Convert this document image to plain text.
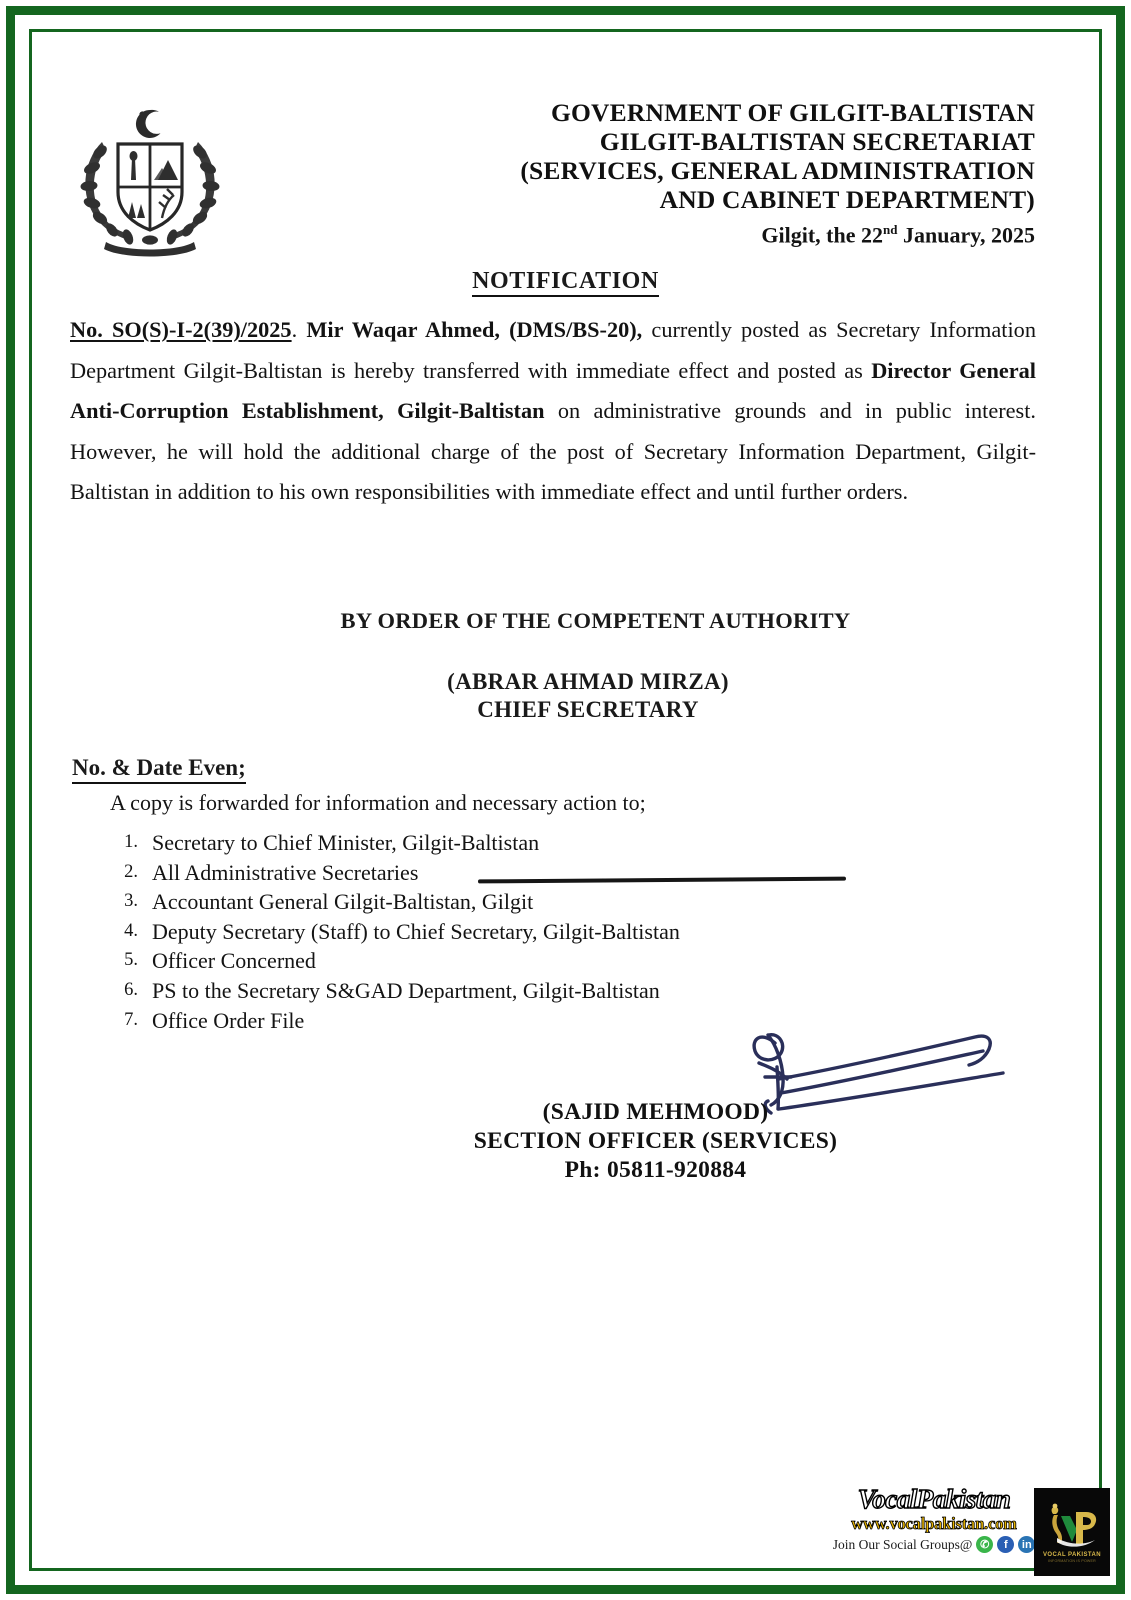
GOVERNMENT OF GILGIT-BALTISTAN
GILGIT-BALTISTAN SECRETARIAT
(SERVICES, GENERAL ADMINISTRATION
AND CABINET DEPARTMENT)
Gilgit, the 22nd January, 2025
NOTIFICATION
No. SO(S)-I-2(39)/2025. Mir Waqar Ahmed, (DMS/BS-20), currently posted as Secretary Information Department Gilgit-Baltistan is hereby transferred with immediate effect and posted as Director General Anti-Corruption Establishment, Gilgit-Baltistan on administrative grounds and in public interest. However, he will hold the additional charge of the post of Secretary Information Department, Gilgit-Baltistan in addition to his own responsibilities with immediate effect and until further orders.
BY ORDER OF THE COMPETENT AUTHORITY
(ABRAR AHMAD MIRZA)
CHIEF SECRETARY
No. & Date Even;
A copy is forwarded for information and necessary action to;
1. Secretary to Chief Minister, Gilgit-Baltistan
2. All Administrative Secretaries
3. Accountant General Gilgit-Baltistan, Gilgit
4. Deputy Secretary (Staff) to Chief Secretary, Gilgit-Baltistan
5. Officer Concerned
6. PS to the Secretary S&GAD Department, Gilgit-Baltistan
7. Office Order File
(SAJID MEHMOOD)
SECTION OFFICER (SERVICES)
Ph: 05811-920884
VocalPakistan
www.vocalpakistan.com
Join Our Social Groups@ ✆	f	in
VOCAL PAKISTAN
INFORMATION IS POWER
